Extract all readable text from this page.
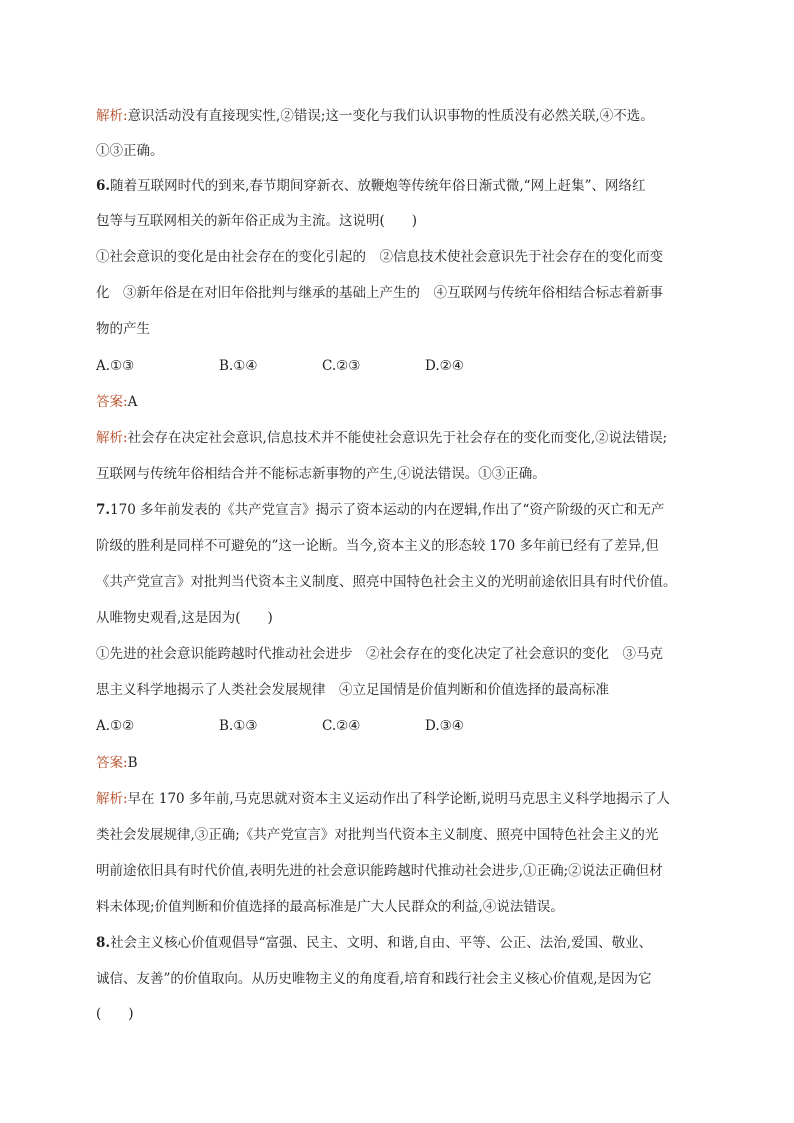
解析:意识活动没有直接现实性,②错误;这一变化与我们认识事物的性质没有必然关联,④不选。
①③正确。
6.随着互联网时代的到来,春节期间穿新衣、放鞭炮等传统年俗日渐式微,“网上赶集”、网络红
包等与互联网相关的新年俗正成为主流。这说明(　　)
①社会意识的变化是由社会存在的变化引起的　②信息技术使社会意识先于社会存在的变化而变
化　③新年俗是在对旧年俗批判与继承的基础上产生的　④互联网与传统年俗相结合标志着新事
物的产生
A.①③	B.①④	C.②③	D.②④
答案:A
解析:社会存在决定社会意识,信息技术并不能使社会意识先于社会存在的变化而变化,②说法错误;
互联网与传统年俗相结合并不能标志新事物的产生,④说法错误。①③正确。
7.170 多年前发表的《共产党宣言》揭示了资本运动的内在逻辑,作出了“资产阶级的灭亡和无产
阶级的胜利是同样不可避免的”这一论断。当今,资本主义的形态较 170 多年前已经有了差异,但
《共产党宣言》对批判当代资本主义制度、照亮中国特色社会主义的光明前途依旧具有时代价值。
从唯物史观看,这是因为(　　)
①先进的社会意识能跨越时代推动社会进步　②社会存在的变化决定了社会意识的变化　③马克
思主义科学地揭示了人类社会发展规律　④立足国情是价值判断和价值选择的最高标准
A.①②	B.①③	C.②④	D.③④
答案:B
解析:早在 170 多年前,马克思就对资本主义运动作出了科学论断,说明马克思主义科学地揭示了人
类社会发展规律,③正确;《共产党宣言》对批判当代资本主义制度、照亮中国特色社会主义的光
明前途依旧具有时代价值,表明先进的社会意识能跨越时代推动社会进步,①正确;②说法正确但材
料未体现;价值判断和价值选择的最高标准是广大人民群众的利益,④说法错误。
8.社会主义核心价值观倡导“富强、民主、文明、和谐,自由、平等、公正、法治,爱国、敬业、
诚信、友善”的价值取向。从历史唯物主义的角度看,培育和践行社会主义核心价值观,是因为它
(　　)
